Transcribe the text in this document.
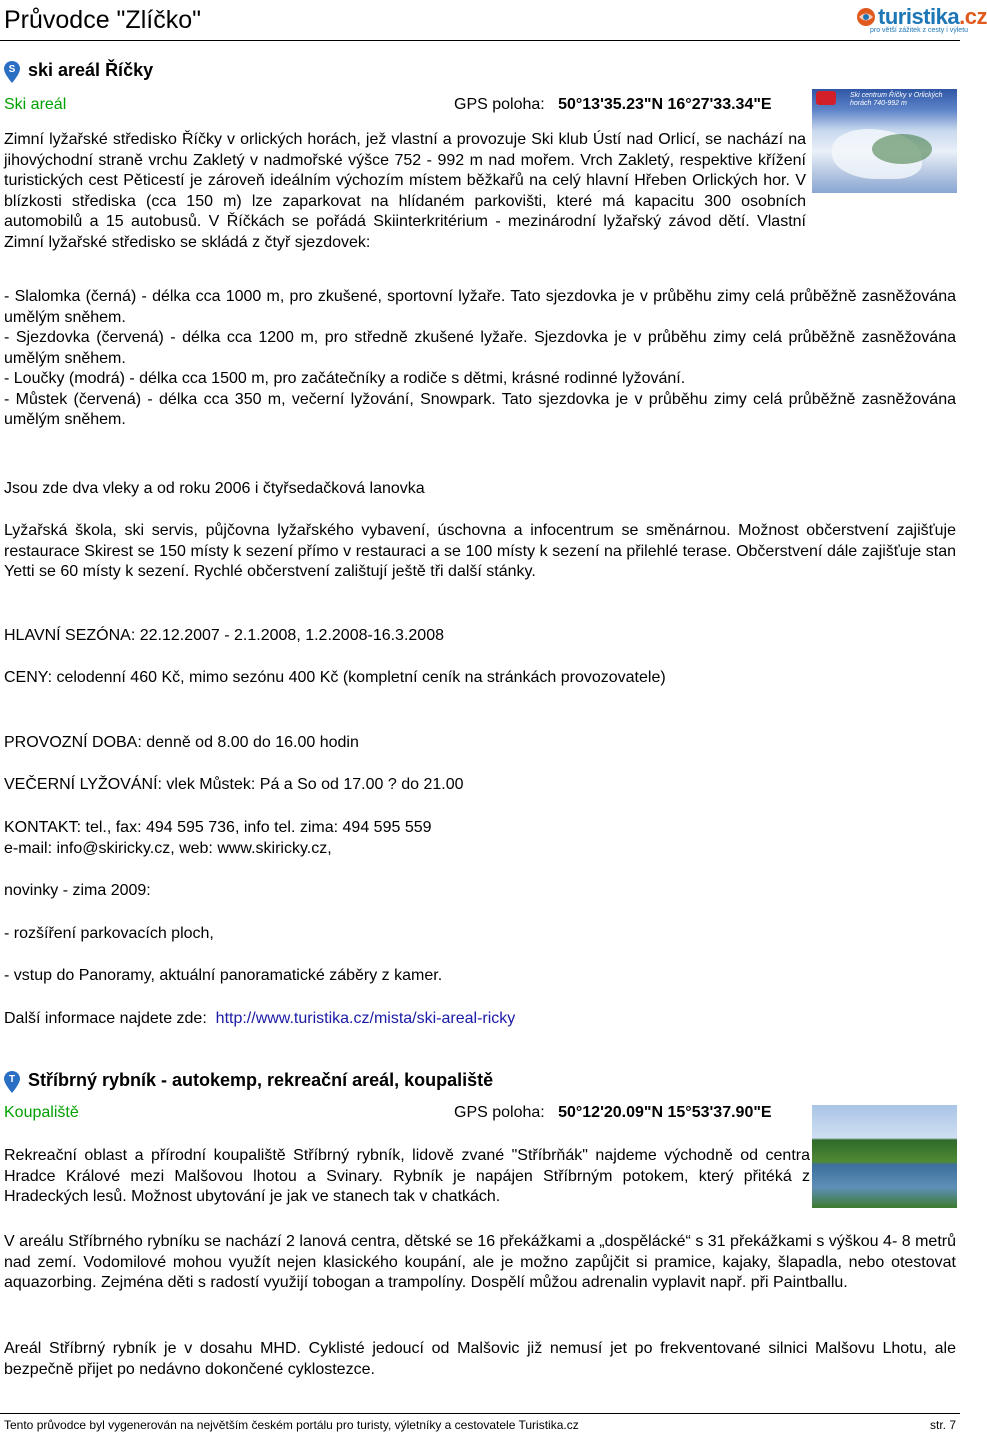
Průvodce "Zlíčko"	turistika.cz
pro větší zážitek z cesty i výletu
S ski areál Říčky
Ski areál	GPS poloha: 50°13'35.23"N 16°27'33.34"E
Ski centrum Říčky v Orlických horách 740-992 m

Zimní lyžařské středisko Říčky v orlických horách, jež vlastní a provozuje Ski klub Ústí nad Orlicí, se nachází na jihovýchodní straně vrchu Zakletý v nadmořské výšce 752 - 992 m nad mořem. Vrch Zakletý, respektive křížení turistických cest Pěticestí je zároveň ideálním výchozím místem běžkařů na celý hlavní Hřeben Orlických hor. V blízkosti střediska (cca 150 m) lze zaparkovat na hlídaném parkovišti, které má kapacitu 300 osobních automobilů a 15 autobusů. V Říčkách se pořádá Skiinterkritérium - mezinárodní lyžařský závod dětí. Vlastní Zimní lyžařské středisko se skládá z čtyř sjezdovek:

- Slalomka (černá) - délka cca 1000 m, pro zkušené, sportovní lyžaře. Tato sjezdovka je v průběhu zimy celá průběžně zasněžována umělým sněhem.

- Sjezdovka (červená) - délka cca 1200 m, pro středně zkušené lyžaře. Sjezdovka je v průběhu zimy celá průběžně zasněžována umělým sněhem.

- Loučky (modrá) - délka cca 1500 m, pro začátečníky a rodiče s dětmi, krásné rodinné lyžování.

- Můstek (červená) - délka cca 350 m, večerní lyžování, Snowpark. Tato sjezdovka je v průběhu zimy celá průběžně zasněžována umělým sněhem.

Jsou zde dva vleky a od roku 2006 i čtyřsedačková lanovka
Lyžařská škola, ski servis, půjčovna lyžařského vybavení, úschovna a infocentrum se směnárnou. Možnost občerstvení zajišťuje restaurace Skirest se 150 místy k sezení přímo v restauraci a se 100 místy k sezení na přilehlé terase. Občerstvení dále zajišťuje stan Yetti se 60 místy k sezení. Rychlé občerstvení zalištují ještě tři další stánky.
HLAVNÍ SEZÓNA: 22.12.2007 - 2.1.2008, 1.2.2008-16.3.2008
CENY: celodenní 460 Kč, mimo sezónu 400 Kč (kompletní ceník na stránkách provozovatele)
PROVOZNÍ DOBA: denně od 8.00 do 16.00 hodin
VEČERNÍ LYŽOVÁNÍ: vlek Můstek: Pá a So od 17.00 ? do 21.00

KONTAKT: tel., fax: 494 595 736, info tel. zima: 494 595 559

e-mail: info@skiricky.cz, web: www.skiricky.cz,

novinky - zima 2009:
- rozšíření parkovacích ploch,
- vstup do Panoramy, aktuální panoramatické záběry z kamer.
Další informace najdete zde: http://www.turistika.cz/mista/ski-areal-ricky
T Stříbrný rybník - autokemp, rekreační areál, koupaliště
Koupaliště	GPS poloha: 50°12'20.09"N 15°53'37.90"E
Rekreační oblast a přírodní koupaliště Stříbrný rybník, lidově zvané "Stříbrňák" najdeme východně od centra Hradce Králové mezi Malšovou lhotou a Svinary. Rybník je napájen Stříbrným potokem, který přitéká z Hradeckých lesů. Možnost ubytování je jak ve stanech tak v chatkách.
V areálu Stříbrného rybníku se nachází 2 lanová centra, dětské se 16 překážkami a „dospělácké“ s 31 překážkami s výškou 4- 8 metrů nad zemí. Vodomilové mohou využít nejen klasického koupání, ale je možno zapůjčit si pramice, kajaky, šlapadla, nebo otestovat aquazorbing. Zejména děti s radostí využijí tobogan a trampolíny. Dospělí můžou adrenalin vyplavit např. při Paintballu.
Areál Stříbrný rybník je v dosahu MHD. Cyklisté jedoucí od Malšovic již nemusí jet po frekventované silnici Malšovu Lhotu, ale bezpečně přijet po nedávno dokončené cyklostezce.
Tento průvodce byl vygenerován na největším českém portálu pro turisty, výletníky a cestovatele Turistika.cz	str. 7
